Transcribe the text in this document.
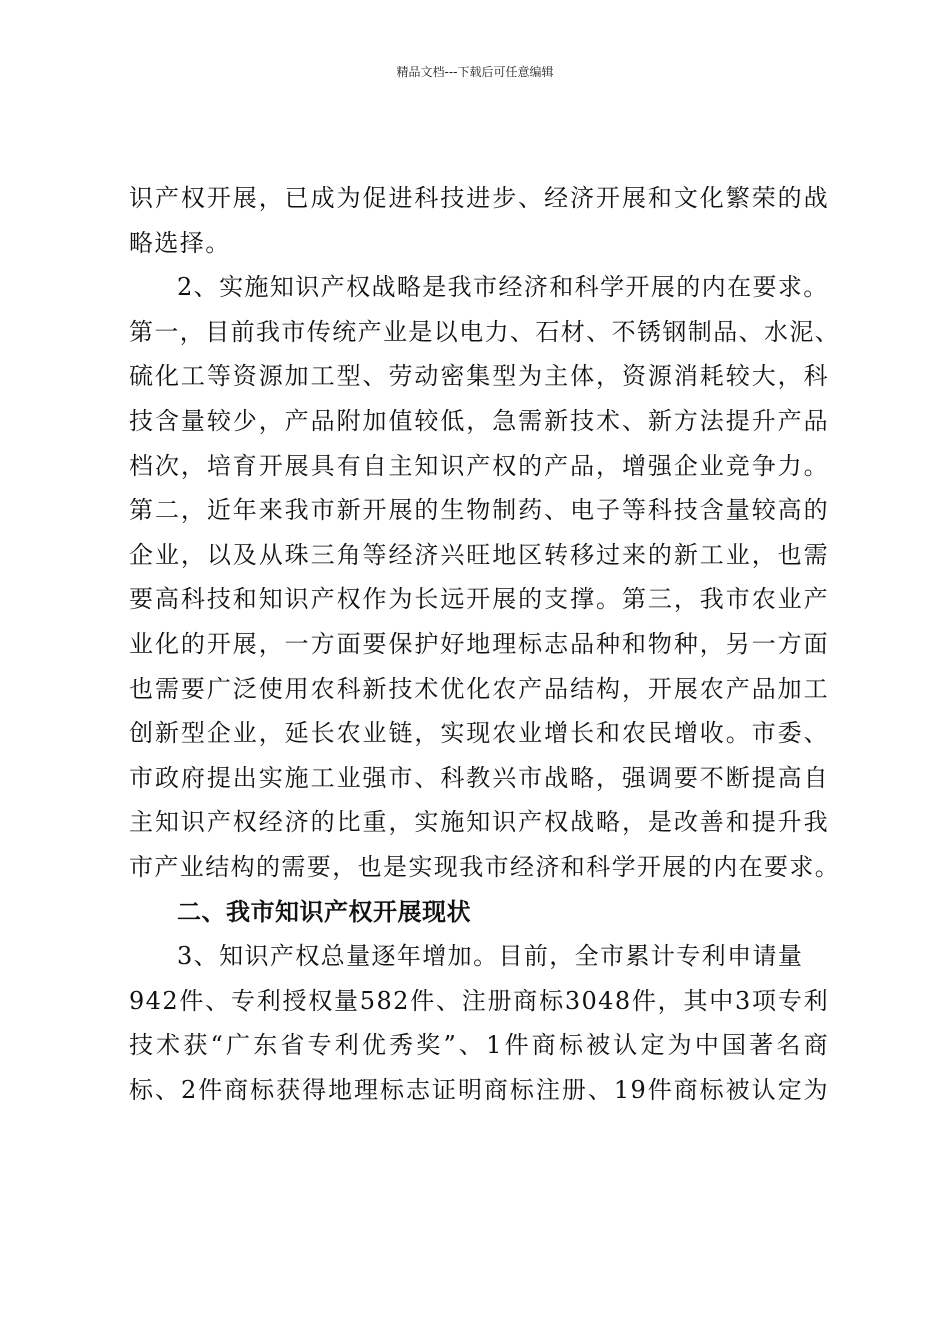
精品文档---下载后可任意编辑
识产权开展，已成为促进科技进步、经济开展和文化繁荣的战
略选择。
2、实施知识产权战略是我市经济和科学开展的内在要求。
第一，目前我市传统产业是以电力、石材、不锈钢制品、水泥、
硫化工等资源加工型、劳动密集型为主体，资源消耗较大，科
技含量较少，产品附加值较低，急需新技术、新方法提升产品
档次，培育开展具有自主知识产权的产品，增强企业竞争力。
第二，近年来我市新开展的生物制药、电子等科技含量较高的
企业，以及从珠三角等经济兴旺地区转移过来的新工业，也需
要高科技和知识产权作为长远开展的支撑。第三，我市农业产
业化的开展，一方面要保护好地理标志品种和物种，另一方面
也需要广泛使用农科新技术优化农产品结构，开展农产品加工
创新型企业，延长农业链，实现农业增长和农民增收。市委、
市政府提出实施工业强市、科教兴市战略，强调要不断提高自
主知识产权经济的比重，实施知识产权战略，是改善和提升我
市产业结构的需要，也是实现我市经济和科学开展的内在要求。
二、我市知识产权开展现状
3、知识产权总量逐年增加。目前，全市累计专利申请量
942件、专利授权量582件、注册商标3048件，其中3项专利
技术获“广东省专利优秀奖”、1件商标被认定为中国著名商
标、2件商标获得地理标志证明商标注册、19件商标被认定为
